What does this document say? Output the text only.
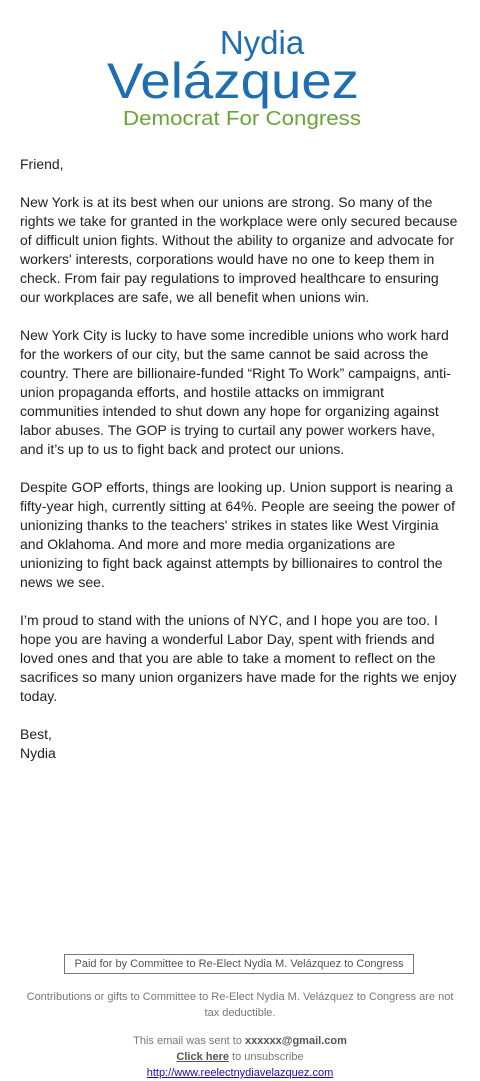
Nydia
Velázquez
Democrat For Congress

Friend,

New York is at its best when our unions are strong. So many of the rights we take for granted in the workplace were only secured because of difficult union fights. Without the ability to organize and advocate for workers' interests, corporations would have no one to keep them in check. From fair pay regulations to improved healthcare to ensuring our workplaces are safe, we all benefit when unions win.

New York City is lucky to have some incredible unions who work hard for the workers of our city, but the same cannot be said across the country. There are billionaire-funded “Right To Work” campaigns, anti-union propaganda efforts, and hostile attacks on immigrant communities intended to shut down any hope for organizing against labor abuses. The GOP is trying to curtail any power workers have, and it’s up to us to fight back and protect our unions.

Despite GOP efforts, things are looking up. Union support is nearing a fifty-year high, currently sitting at 64%. People are seeing the power of unionizing thanks to the teachers' strikes in states like West Virginia and Oklahoma. And more and more media organizations are unionizing to fight back against attempts by billionaires to control the news we see.

I’m proud to stand with the unions of NYC, and I hope you are too. I hope you are having a wonderful Labor Day, spent with friends and loved ones and that you are able to take a moment to reflect on the sacrifices so many union organizers have made for the rights we enjoy today.

Best,
Nydia
Paid for by Committee to Re-Elect Nydia M. Velázquez to Congress
Contributions or gifts to Committee to Re-Elect Nydia M. Velázquez to Congress are not tax deductible.
This email was sent to xxxxxx@gmail.com
Click here to unsubscribe
http://www.reelectnydiavelazquez.com
